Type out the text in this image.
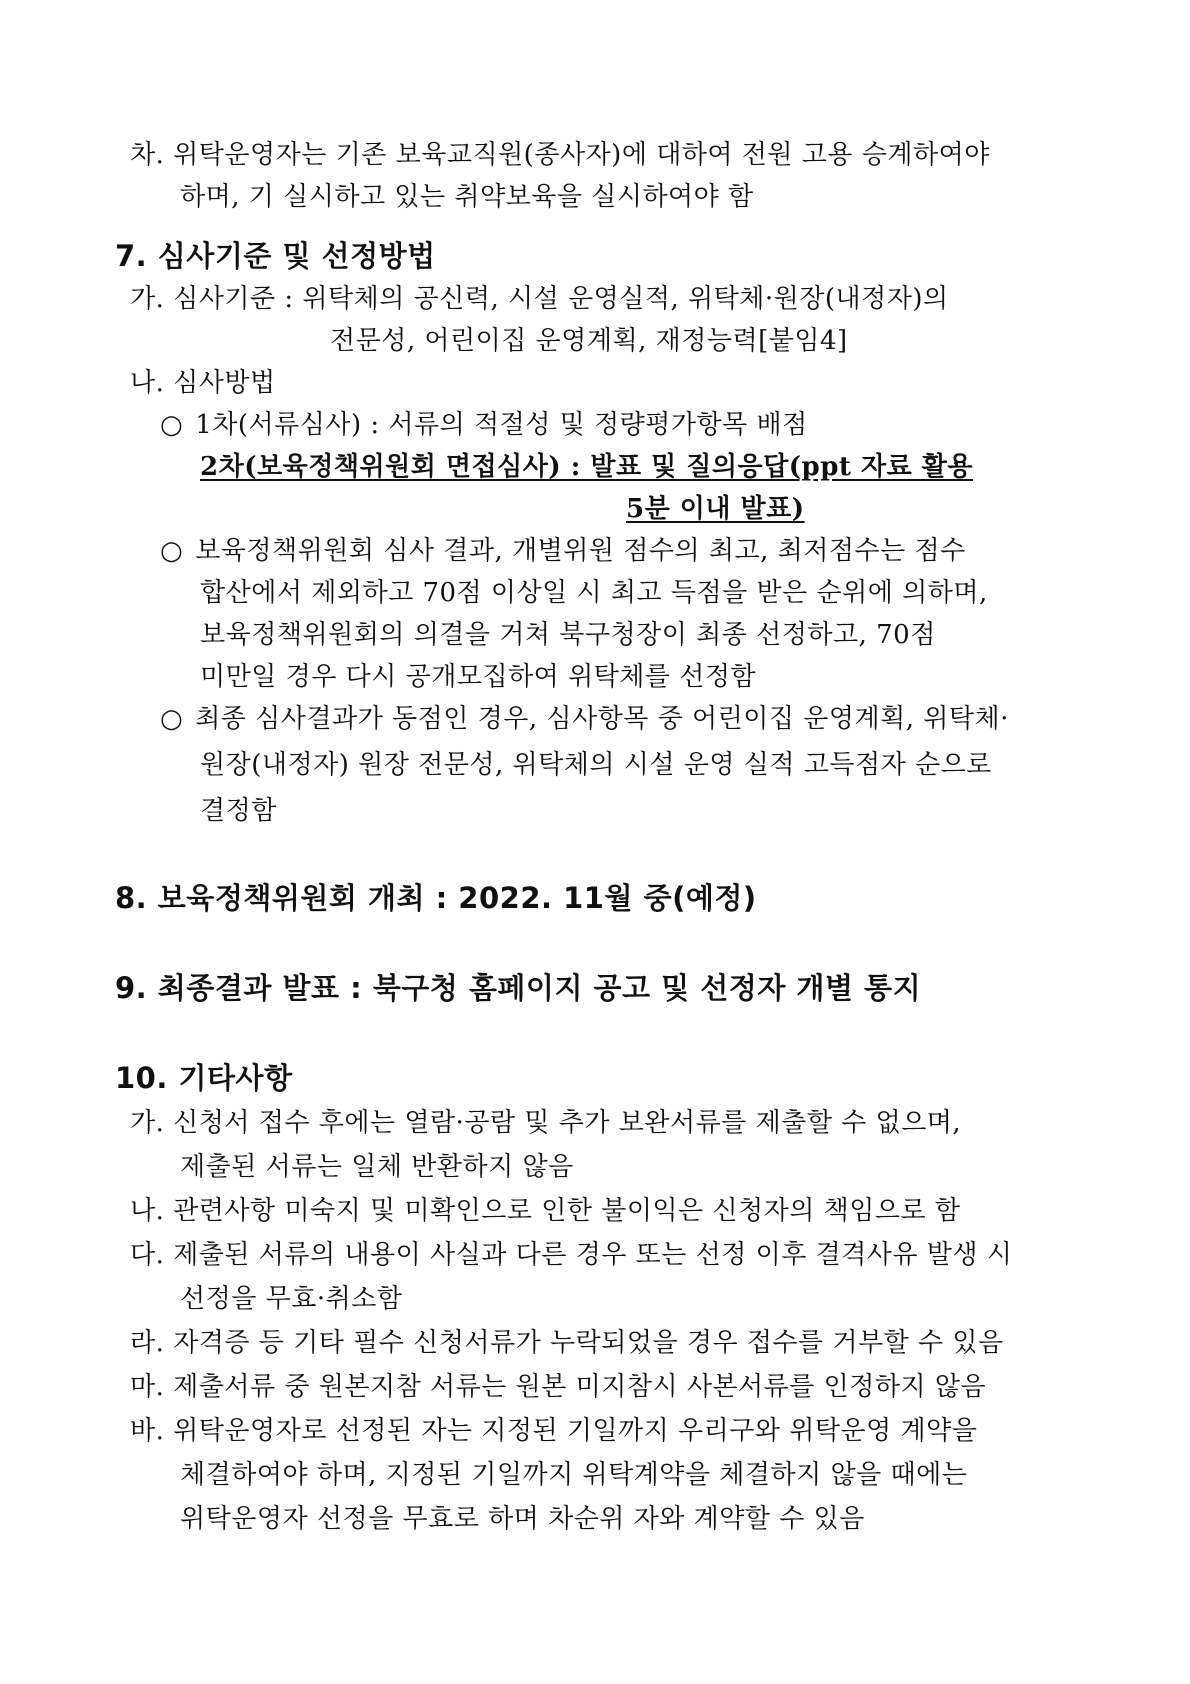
차. 위탁운영자는 기존 보육교직원(종사자)에 대하여 전원 고용 승계하여야
하며, 기 실시하고 있는 취약보육을 실시하여야 함
7. 심사기준 및 선정방법
가. 심사기준 : 위탁체의 공신력, 시설 운영실적, 위탁체·원장(내정자)의
전문성, 어린이집 운영계획, 재정능력[붙임4]
나. 심사방법
○ 1차(서류심사) : 서류의 적절성 및 정량평가항목 배점
2차(보육정책위원회 면접심사) : 발표 및 질의응답(ppt 자료 활용
5분 이내 발표)
○ 보육정책위원회 심사 결과, 개별위원 점수의 최고, 최저점수는 점수
합산에서 제외하고 70점 이상일 시 최고 득점을 받은 순위에 의하며,
보육정책위원회의 의결을 거쳐 북구청장이 최종 선정하고, 70점
미만일 경우 다시 공개모집하여 위탁체를 선정함
○ 최종 심사결과가 동점인 경우, 심사항목 중 어린이집 운영계획, 위탁체·
원장(내정자) 원장 전문성, 위탁체의 시설 운영 실적 고득점자 순으로
결정함
8. 보육정책위원회 개최 : 2022. 11월 중(예정)
9. 최종결과 발표 : 북구청 홈페이지 공고 및 선정자 개별 통지
10. 기타사항
가. 신청서 접수 후에는 열람·공람 및 추가 보완서류를 제출할 수 없으며,
제출된 서류는 일체 반환하지 않음
나. 관련사항 미숙지 및 미확인으로 인한 불이익은 신청자의 책임으로 함
다. 제출된 서류의 내용이 사실과 다른 경우 또는 선정 이후 결격사유 발생 시
선정을 무효·취소함
라. 자격증 등 기타 필수 신청서류가 누락되었을 경우 접수를 거부할 수 있음
마. 제출서류 중 원본지참 서류는 원본 미지참시 사본서류를 인정하지 않음
바. 위탁운영자로 선정된 자는 지정된 기일까지 우리구와 위탁운영 계약을
체결하여야 하며, 지정된 기일까지 위탁계약을 체결하지 않을 때에는
위탁운영자 선정을 무효로 하며 차순위 자와 계약할 수 있음
